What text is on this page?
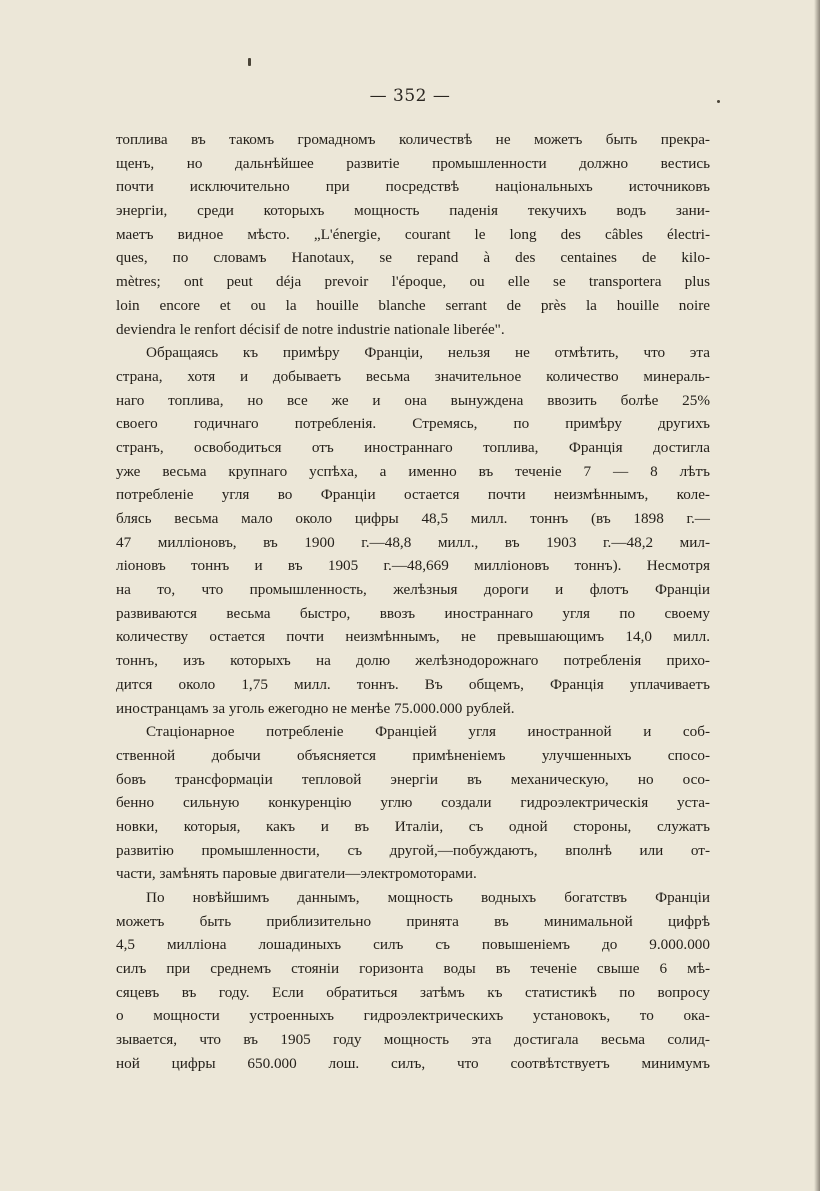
— 352 —
топлива въ такомъ громадномъ количествѣ не можетъ быть прекра-
щенъ, но дальнѣйшее развитіе промышленности должно вестись
почти исключительно при посредствѣ національныхъ источниковъ
энергіи, среди которыхъ мощность паденія текучихъ водъ зани-
маетъ видное мѣсто. „L'énergie, courant le long des câbles électri-
ques, по словамъ Hanotaux, se repand à des centaines de kilo-
mètres; ont peut déja prevoir l'époque, ou elle se transportera plus
loin encore et ou la houille blanche serrant de près la houille noire
deviendra le renfort décisif de notre industrie nationale liberée".
Обращаясь къ примѣру Франціи, нельзя не отмѣтить, что эта
страна, хотя и добываетъ весьма значительное количество минераль-
наго топлива, но все же и она вынуждена ввозить болѣе 25%
своего годичнаго потребленія. Стремясь, по примѣру другихъ
странъ, освободиться отъ иностраннаго топлива, Франція достигла
уже весьма крупнаго успѣха, а именно въ теченіе 7 — 8 лѣтъ
потребленіе угля во Франціи остается почти неизмѣннымъ, коле-
блясь весьма мало около цифры 48,5 милл. тоннъ (въ 1898 г.—
47 милліоновъ, въ 1900 г.—48,8 милл., въ 1903 г.—48,2 мил-
ліоновъ тоннъ и въ 1905 г.—48,669 милліоновъ тоннъ). Несмотря
на то, что промышленность, желѣзныя дороги и флотъ Франціи
развиваются весьма быстро, ввозъ иностраннаго угля по своему
количеству остается почти неизмѣннымъ, не превышающимъ 14,0 милл.
тоннъ, изъ которыхъ на долю желѣзнодорожнаго потребленія прихо-
дится около 1,75 милл. тоннъ. Въ общемъ, Франція уплачиваетъ
иностранцамъ за уголь ежегодно не менѣе 75.000.000 рублей.
Стаціонарное потребленіе Франціей угля иностранной и соб-
ственной добычи объясняется примѣненіемъ улучшенныхъ спосо-
бовъ трансформаціи тепловой энергіи въ механическую, но осо-
бенно сильную конкуренцію углю создали гидроэлектрическія уста-
новки, которыя, какъ и въ Италіи, съ одной стороны, служатъ
развитію промышленности, съ другой,—побуждаютъ, вполнѣ или от-
части, замѣнять паровые двигатели—электромоторами.
По новѣйшимъ даннымъ, мощность водныхъ богатствъ Франціи
можетъ быть приблизительно принята въ минимальной цифрѣ
4,5 милліона лошадиныхъ силъ съ повышеніемъ до 9.000.000
силъ при среднемъ стояніи горизонта воды въ теченіе свыше 6 мѣ-
сяцевъ въ году. Если обратиться затѣмъ къ статистикѣ по вопросу
о мощности устроенныхъ гидроэлектрическихъ установокъ, то ока-
зывается, что въ 1905 году мощность эта достигала весьма солид-
ной цифры 650.000 лош. силъ, что соотвѣтствуетъ минимумъ
